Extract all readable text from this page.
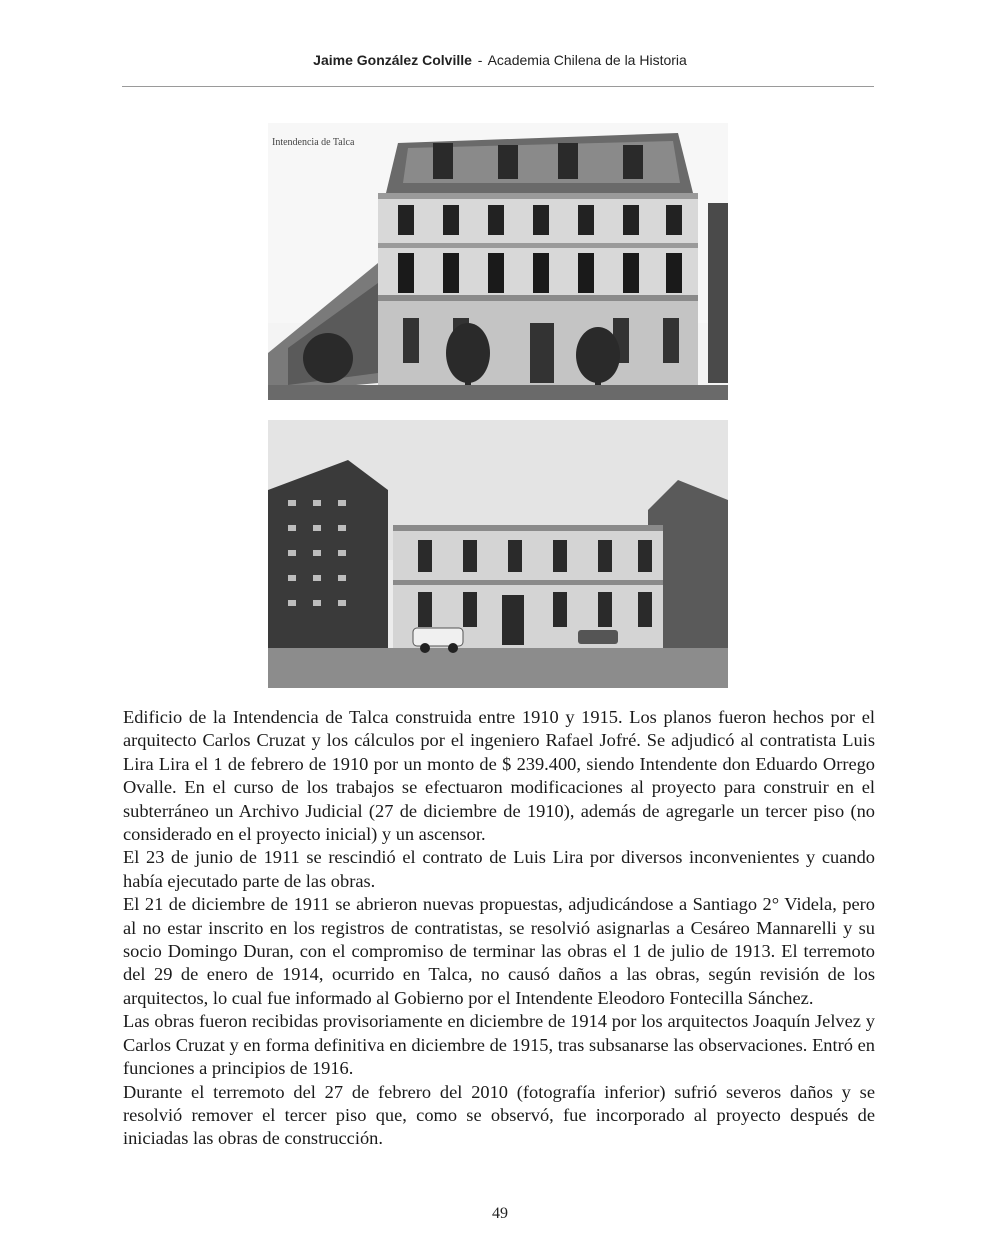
Jaime González Colville - Academia Chilena de la Historia
Intendencia de Talca

Edificio de la Intendencia de Talca construida entre 1910 y 1915. Los planos fueron hechos por el arquitecto Carlos Cruzat y los cálculos por el ingeniero Rafael Jofré. Se adjudicó al contratista Luis Lira Lira el 1 de febrero de 1910 por un monto de $ 239.400, siendo Intendente don Eduardo Orrego Ovalle. En el curso de los trabajos se efectuaron modificaciones al proyecto para construir en el subterráneo un Archivo Judicial (27 de diciembre de 1910), además de agregarle un tercer piso (no considerado en el proyecto inicial) y un ascensor.

El 23 de junio de 1911 se rescindió el contrato de Luis Lira por diversos inconvenientes y cuando había ejecutado parte de las obras.

El 21 de diciembre de 1911 se abrieron nuevas propuestas, adjudicándose a Santiago 2° Videla, pero al no estar inscrito en los registros de contratistas, se resolvió asignarlas a Cesáreo Mannarelli y su socio Domingo Duran, con el compromiso de terminar las obras el 1 de julio de 1913. El terremoto del 29 de enero de 1914, ocurrido en Talca, no causó daños a las obras, según revisión de los arquitectos, lo cual fue informado al Gobierno por el Intendente Eleodoro Fontecilla Sánchez.

Las obras fueron recibidas provisoriamente en diciembre de 1914 por los arquitectos Joaquín Jelvez y Carlos Cruzat y en forma definitiva en diciembre de 1915, tras subsanarse las observaciones. Entró en funciones a principios de 1916.

Durante el terremoto del 27 de febrero del 2010 (fotografía inferior) sufrió severos daños y se resolvió remover el tercer piso que, como se observó, fue incorporado al proyecto después de iniciadas las obras de construcción.

49
